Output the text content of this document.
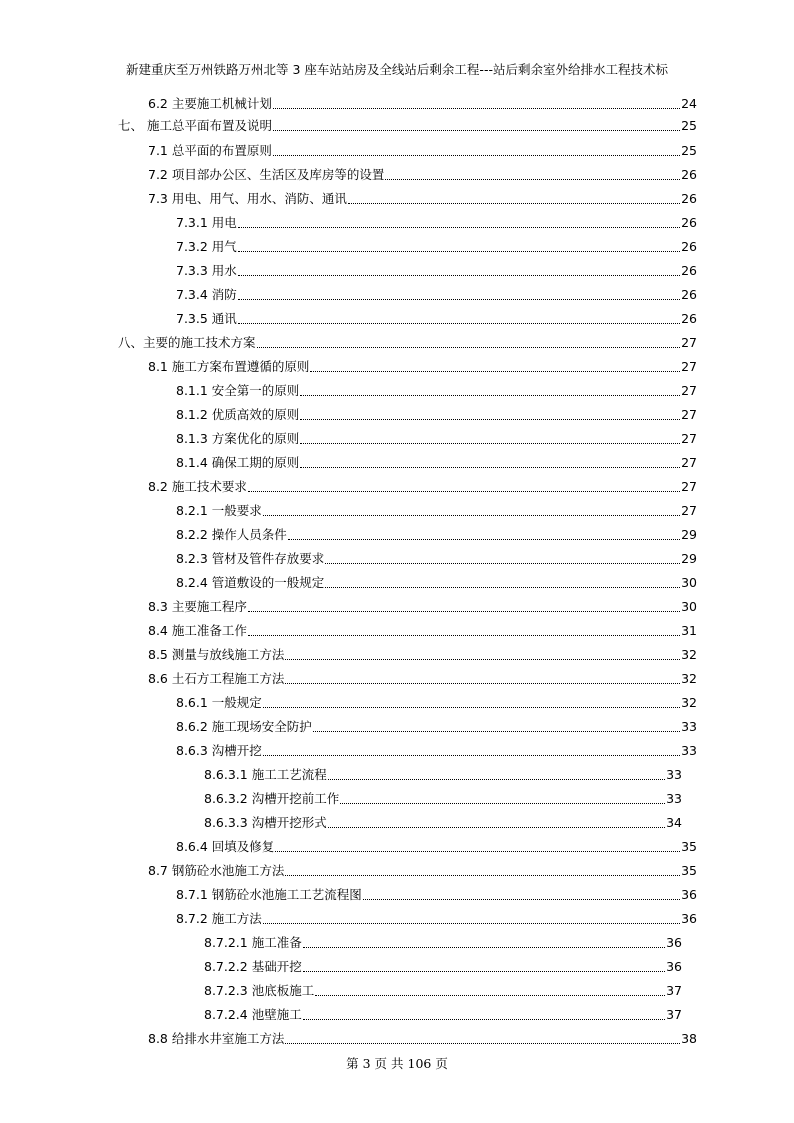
新建重庆至万州铁路万州北等 3 座车站站房及全线站后剩余工程---站后剩余室外给排水工程技术标
6.2 主要施工机械计划	24
七、 施工总平面布置及说明	25
7.1 总平面的布置原则	25
7.2 项目部办公区、生活区及库房等的设置	26
7.3 用电、用气、用水、消防、通讯	26
7.3.1 用电	26
7.3.2 用气	26
7.3.3 用水	26
7.3.4 消防	26
7.3.5 通讯	26
八、主要的施工技术方案	27
8.1 施工方案布置遵循的原则	27
8.1.1 安全第一的原则	27
8.1.2 优质高效的原则	27
8.1.3 方案优化的原则	27
8.1.4 确保工期的原则	27
8.2 施工技术要求	27
8.2.1 一般要求	27
8.2.2 操作人员条件	29
8.2.3 管材及管件存放要求	29
8.2.4 管道敷设的一般规定	30
8.3 主要施工程序	30
8.4 施工准备工作	31
8.5 测量与放线施工方法	32
8.6 土石方工程施工方法	32
8.6.1 一般规定	32
8.6.2 施工现场安全防护	33
8.6.3 沟槽开挖	33
8.6.3.1 施工工艺流程	33
8.6.3.2 沟槽开挖前工作	33
8.6.3.3 沟槽开挖形式	34
8.6.4 回填及修复	35
8.7 钢筋砼水池施工方法	35
8.7.1 钢筋砼水池施工工艺流程图	36
8.7.2 施工方法	36
8.7.2.1 施工准备	36
8.7.2.2 基础开挖	36
8.7.2.3 池底板施工	37
8.7.2.4 池壁施工	37
8.8 给排水井室施工方法	38
第 3 页 共 106 页
